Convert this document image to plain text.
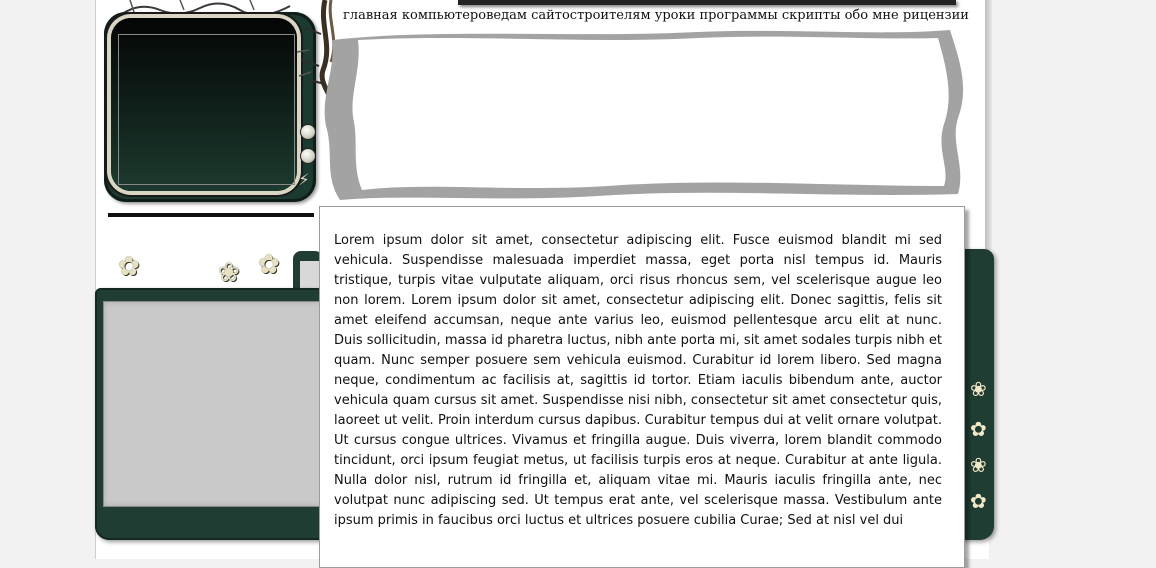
⚡
главная компьютероведам сайтостроителям уроки программы скрипты обо мне рицензии
✿	❀ ✿
❀
✿
❀
✿

Lorem ipsum dolor sit amet, consectetur adipiscing elit. Fusce euismod blandit mi sed vehicula. Suspendisse malesuada imperdiet massa, eget porta nisl tempus id. Mauris tristique, turpis vitae vulputate aliquam, orci risus rhoncus sem, vel scelerisque augue leo non lorem. Lorem ipsum dolor sit amet, consectetur adipiscing elit. Donec sagittis, felis sit amet eleifend accumsan, neque ante varius leo, euismod pellentesque arcu elit at nunc. Duis sollicitudin, massa id pharetra luctus, nibh ante porta mi, sit amet sodales turpis nibh et quam. Nunc semper posuere sem vehicula euismod. Curabitur id lorem libero. Sed magna neque, condimentum ac facilisis at, sagittis id tortor. Etiam iaculis bibendum ante, auctor vehicula quam cursus sit amet. Suspendisse nisi nibh, consectetur sit amet consectetur quis, laoreet ut velit. Proin interdum cursus dapibus. Curabitur tempus dui at velit ornare volutpat. Ut cursus congue ultrices. Vivamus et fringilla augue. Duis viverra, lorem blandit commodo tincidunt, orci ipsum feugiat metus, ut facilisis turpis eros at neque. Curabitur at ante ligula. Nulla dolor nisl, rutrum id fringilla et, aliquam vitae mi. Mauris iaculis fringilla ante, nec volutpat nunc adipiscing sed. Ut tempus erat ante, vel scelerisque massa. Vestibulum ante ipsum primis in faucibus orci luctus et ultrices posuere cubilia Curae; Sed at nisl vel dui
